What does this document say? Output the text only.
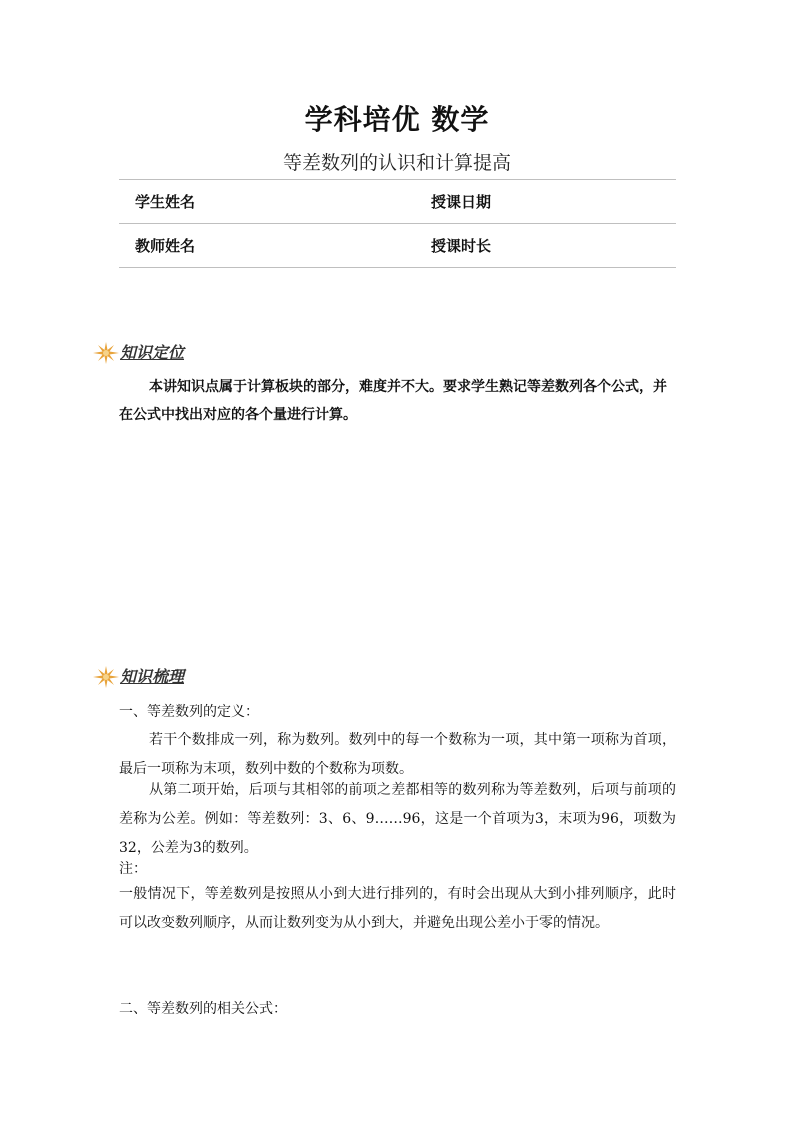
学科培优 数学
等差数列的认识和计算提高
学生姓名	授课日期
教师姓名	授课时长
知识定位

本讲知识点属于计算板块的部分，难度并不大。要求学生熟记等差数列各个公式，并在公式中找出对应的各个量进行计算。

知识梳理

一、等差数列的定义：

若干个数排成一列，称为数列。数列中的每一个数称为一项，其中第一项称为首项，最后一项称为末项，数列中数的个数称为项数。

从第二项开始，后项与其相邻的前项之差都相等的数列称为等差数列，后项与前项的差称为公差。例如：等差数列：3、6、9……96，这是一个首项为3，末项为96，项数为32，公差为3的数列。

注：

一般情况下，等差数列是按照从小到大进行排列的，有时会出现从大到小排列顺序，此时可以改变数列顺序，从而让数列变为从小到大，并避免出现公差小于零的情况。

二、等差数列的相关公式：
